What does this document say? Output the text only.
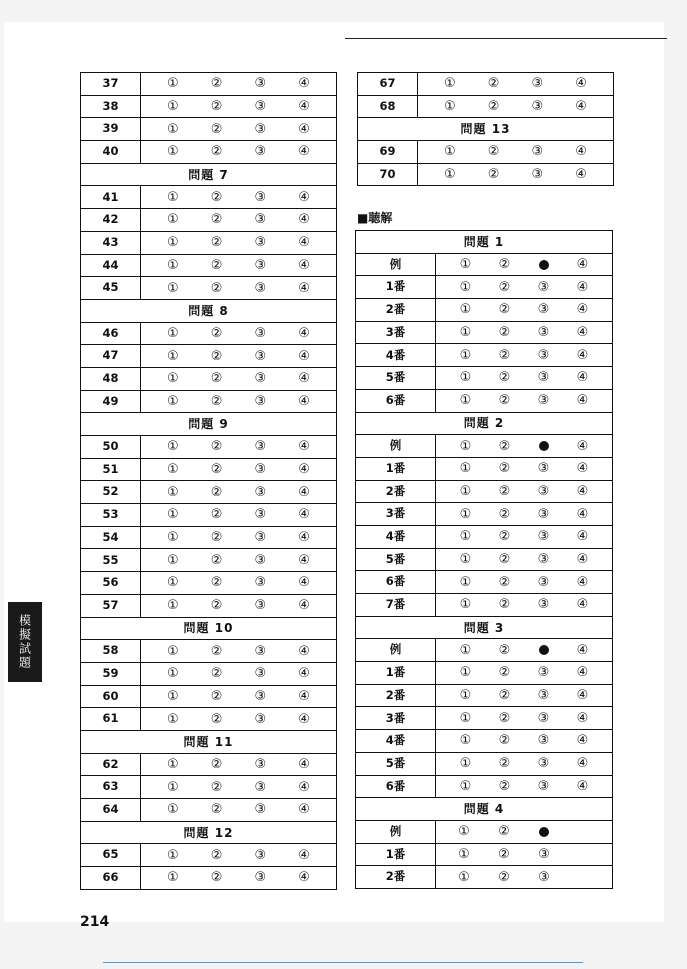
37	① ② ③ ④

38	① ② ③ ④

39	① ② ③ ④

40	① ② ③ ④

問題 7	
41	① ② ③ ④

42	① ② ③ ④

43	① ② ③ ④

44	① ② ③ ④

45	① ② ③ ④

問題 8	
46	① ② ③ ④

47	① ② ③ ④

48	① ② ③ ④

49	① ② ③ ④

問題 9	
50	① ② ③ ④

51	① ② ③ ④

52	① ② ③ ④

53	① ② ③ ④

54	① ② ③ ④

55	① ② ③ ④

56	① ② ③ ④

57	① ② ③ ④

問題 10	
58	① ② ③ ④

59	① ② ③ ④

60	① ② ③ ④

61	① ② ③ ④

問題 11	
62	① ② ③ ④

63	① ② ③ ④

64	① ② ③ ④

問題 12	
65	① ② ③ ④

66	① ② ③ ④
67	① ② ③ ④

68	① ② ③ ④

問題 13	
69	① ② ③ ④

70	① ② ③ ④
■聴解
問題 1	
例	① ② ④

1番	① ② ③ ④

2番	① ② ③ ④

3番	① ② ③ ④

4番	① ② ③ ④

5番	① ② ③ ④

6番	① ② ③ ④

問題 2	
例	① ② ④

1番	① ② ③ ④

2番	① ② ③ ④

3番	① ② ③ ④

4番	① ② ③ ④

5番	① ② ③ ④

6番	① ② ③ ④

7番	① ② ③ ④

問題 3	
例	① ② ④

1番	① ② ③ ④

2番	① ② ③ ④

3番	① ② ③ ④

4番	① ② ③ ④

5番	① ② ③ ④

6番	① ② ③ ④

問題 4	
例	① ②

1番	① ② ③

2番	① ② ③
模擬試題
214
